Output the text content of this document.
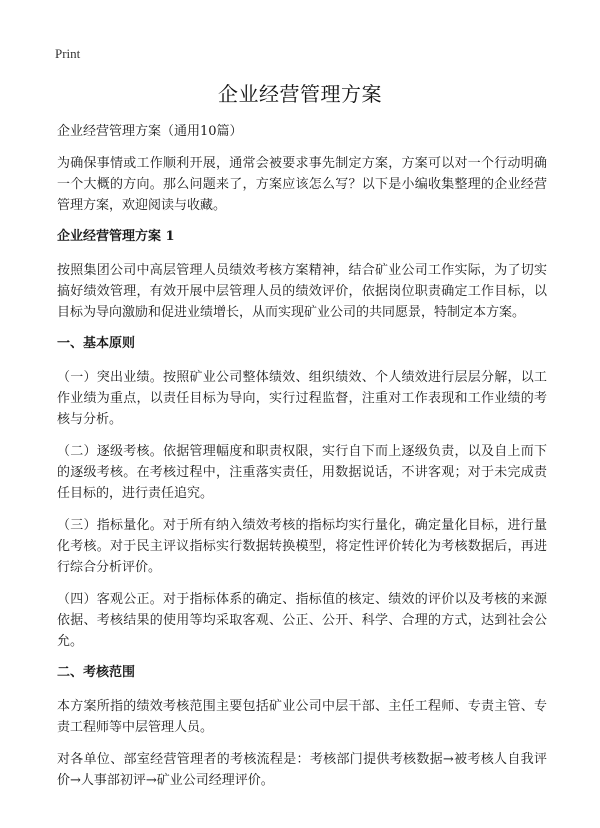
Print
企业经营管理方案
企业经营管理方案（通用10篇）

为确保事情或工作顺利开展，通常会被要求事先制定方案，方案可以对一个行动明确一个大概的方向。那么问题来了，方案应该怎么写？以下是小编收集整理的企业经营管理方案，欢迎阅读与收藏。

企业经营管理方案 1

按照集团公司中高层管理人员绩效考核方案精神，结合矿业公司工作实际，为了切实搞好绩效管理，有效开展中层管理人员的绩效评价，依据岗位职责确定工作目标，以目标为导向激励和促进业绩增长，从而实现矿业公司的共同愿景，特制定本方案。

一、基本原则

（一）突出业绩。按照矿业公司整体绩效、组织绩效、个人绩效进行层层分解，以工作业绩为重点，以责任目标为导向，实行过程监督，注重对工作表现和工作业绩的考核与分析。

（二）逐级考核。依据管理幅度和职责权限，实行自下而上逐级负责，以及自上而下的逐级考核。在考核过程中，注重落实责任，用数据说话，不讲客观；对于未完成责任目标的，进行责任追究。

（三）指标量化。对于所有纳入绩效考核的指标均实行量化，确定量化目标，进行量化考核。对于民主评议指标实行数据转换模型，将定性评价转化为考核数据后，再进行综合分析评价。

（四）客观公正。对于指标体系的确定、指标值的核定、绩效的评价以及考核的来源依据、考核结果的使用等均采取客观、公正、公开、科学、合理的方式，达到社会公允。

二、考核范围

本方案所指的绩效考核范围主要包括矿业公司中层干部、主任工程师、专责主管、专责工程师等中层管理人员。

对各单位、部室经营管理者的考核流程是：考核部门提供考核数据→被考核人自我评价→人事部初评→矿业公司经理评价。
